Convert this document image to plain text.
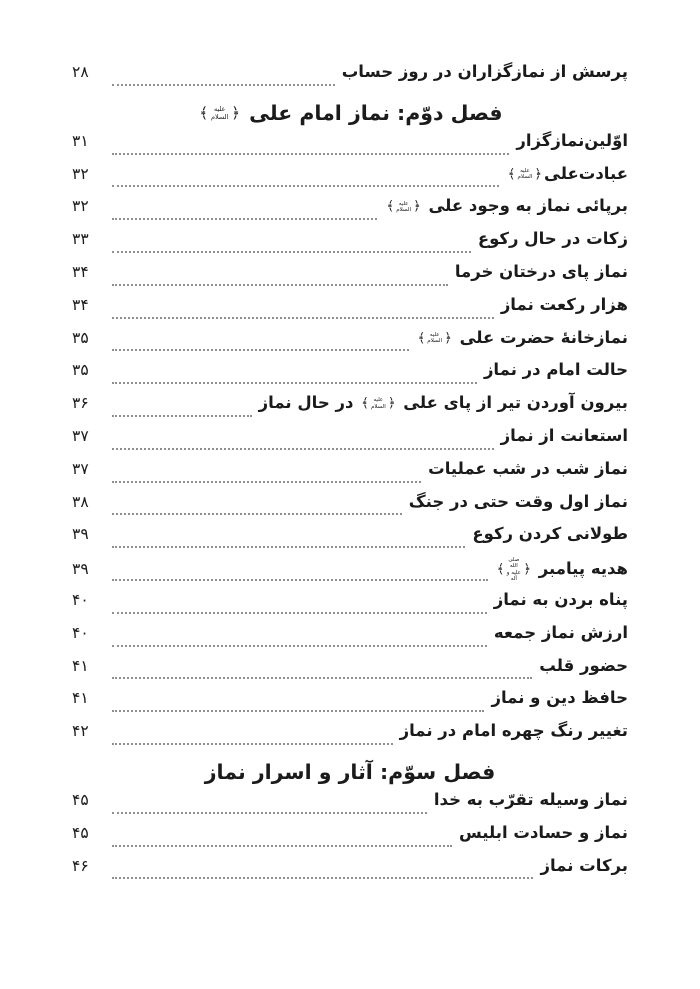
پرسش از نمازگزاران در روز حساب
۲۸
فصل دوّم: نماز امام علی
﴿
علیه السلام
﴾
اوّلین‌نمازگزار
۳۱
عبادت‌علی
﴿
علیه السلام
﴾
۳۲
برپائی نماز به وجود علی
﴿
علیه السلام
﴾
۳۲
زکات در حال رکوع
۳۳
نماز پای درختان خرما
۳۴
هزار رکعت نماز
۳۴
نمازخانهٔ حضرت علی
﴿
علیه السلام
﴾
۳۵
حالت امام در نماز
۳۵
بیرون آوردن تیر از پای علی
﴿
علیه السلام
﴾
در حال نماز
۳۶
استعانت از نماز
۳۷
نماز شب در شب عملیات
۳۷
نماز اول وقت حتی در جنگ
۳۸
طولانی کردن رکوع
۳۹
هدیه پیامبر
﴿
صلی الله علیه و آله
﴾
۳۹
پناه بردن به نماز
۴۰
ارزش نماز جمعه
۴۰
حضور قلب
۴۱
حافظ دین و نماز
۴۱
تغییر رنگ چهره امام در نماز
۴۲
فصل سوّم: آثار و اسرار نماز
نماز وسیله تقرّب به خدا
۴۵
نماز و حسادت ابلیس
۴۵
برکات نماز
۴۶
